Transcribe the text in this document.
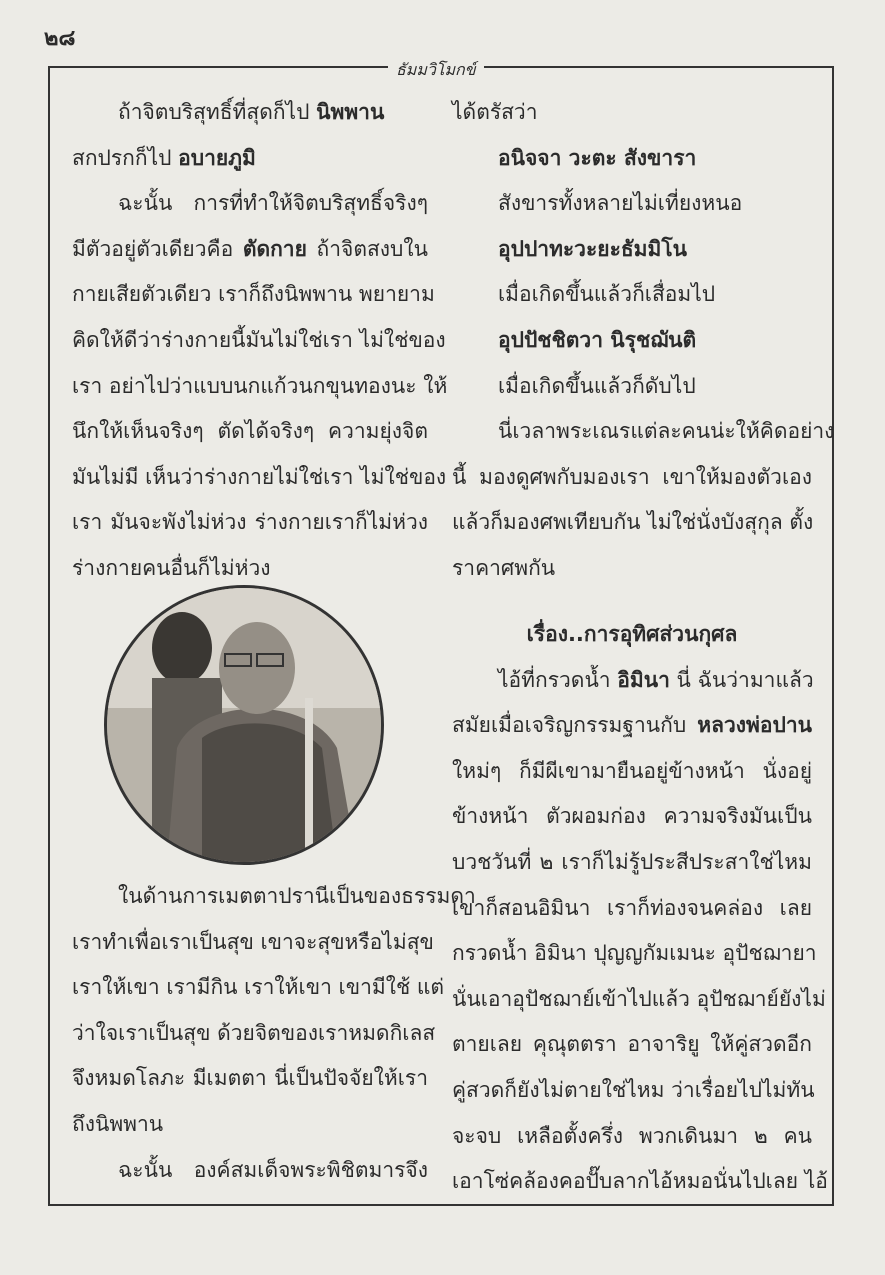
๒๘
ธัมมวิโมกข์

ถ้าจิตบริสุทธิ์ที่สุดก็ไป นิพพาน

สกปรกก็ไป อบายภูมิ

ฉะนั้น การที่ทำให้จิตบริสุทธิ์จริงๆ

มีตัวอยู่ตัวเดียวคือ ตัดกาย ถ้าจิตสงบใน

กายเสียตัวเดียว เราก็ถึงนิพพาน พยายาม

คิดให้ดีว่าร่างกายนี้มันไม่ใช่เรา ไม่ใช่ของ

เรา อย่าไปว่าแบบนกแก้วนกขุนทองนะ ให้

นึกให้เห็นจริงๆ ตัดได้จริงๆ ความยุ่งจิต

มันไม่มี เห็นว่าร่างกายไม่ใช่เรา ไม่ใช่ของ

เรา มันจะพังไม่ห่วง ร่างกายเราก็ไม่ห่วง

ร่างกายคนอื่นก็ไม่ห่วง

ในด้านการเมตตาปรานีเป็นของธรรมดา

เราทำเพื่อเราเป็นสุข เขาจะสุขหรือไม่สุข

เราให้เขา เรามีกิน เราให้เขา เขามีใช้ แต่

ว่าใจเราเป็นสุข ด้วยจิตของเราหมดกิเลส

จึงหมดโลภะ มีเมตตา นี่เป็นปัจจัยให้เรา

ถึงนิพพาน

ฉะนั้น องค์สมเด็จพระพิชิตมารจึง

ได้ตรัสว่า

อนิจจา วะตะ สังขารา

สังขารทั้งหลายไม่เที่ยงหนอ

อุปปาทะวะยะธัมมิโน

เมื่อเกิดขึ้นแล้วก็เสื่อมไป

อุปปัชชิตวา นิรุชฌันติ

เมื่อเกิดขึ้นแล้วก็ดับไป

นี่เวลาพระเณรแต่ละคนน่ะให้คิดอย่าง

นี้ มองดูศพกับมองเรา เขาให้มองตัวเอง

แล้วก็มองศพเทียบกัน ไม่ใช่นั่งบังสุกุล ตั้ง

ราคาศพกัน

เรื่อง..การอุทิศส่วนกุศล

ไอ้ที่กรวดน้ำ อิมินา นี่ ฉันว่ามาแล้ว

สมัยเมื่อเจริญกรรมฐานกับ หลวงพ่อปาน

ใหม่ๆ ก็มีผีเขามายืนอยู่ข้างหน้า นั่งอยู่

ข้างหน้า ตัวผอมก่อง ความจริงมันเป็น

บวชวันที่ ๒ เราก็ไม่รู้ประสีประสาใช่ไหม

เขาก็สอนอิมินา เราก็ท่องจนคล่อง เลย

กรวดน้ำ อิมินา ปุญญกัมเมนะ อุปัชฌายา

นั่นเอาอุปัชฌาย์เข้าไปแล้ว อุปัชฌาย์ยังไม่

ตายเลย คุณุตตรา อาจาริยู ให้คู่สวดอีก

คู่สวดก็ยังไม่ตายใช่ไหม ว่าเรื่อยไปไม่ทัน

จะจบ เหลือตั้งครึ่ง พวกเดินมา ๒ คน

เอาโซ่คล้องคอปั๊บลากไอ้หมอนั่นไปเลย ไอ้
